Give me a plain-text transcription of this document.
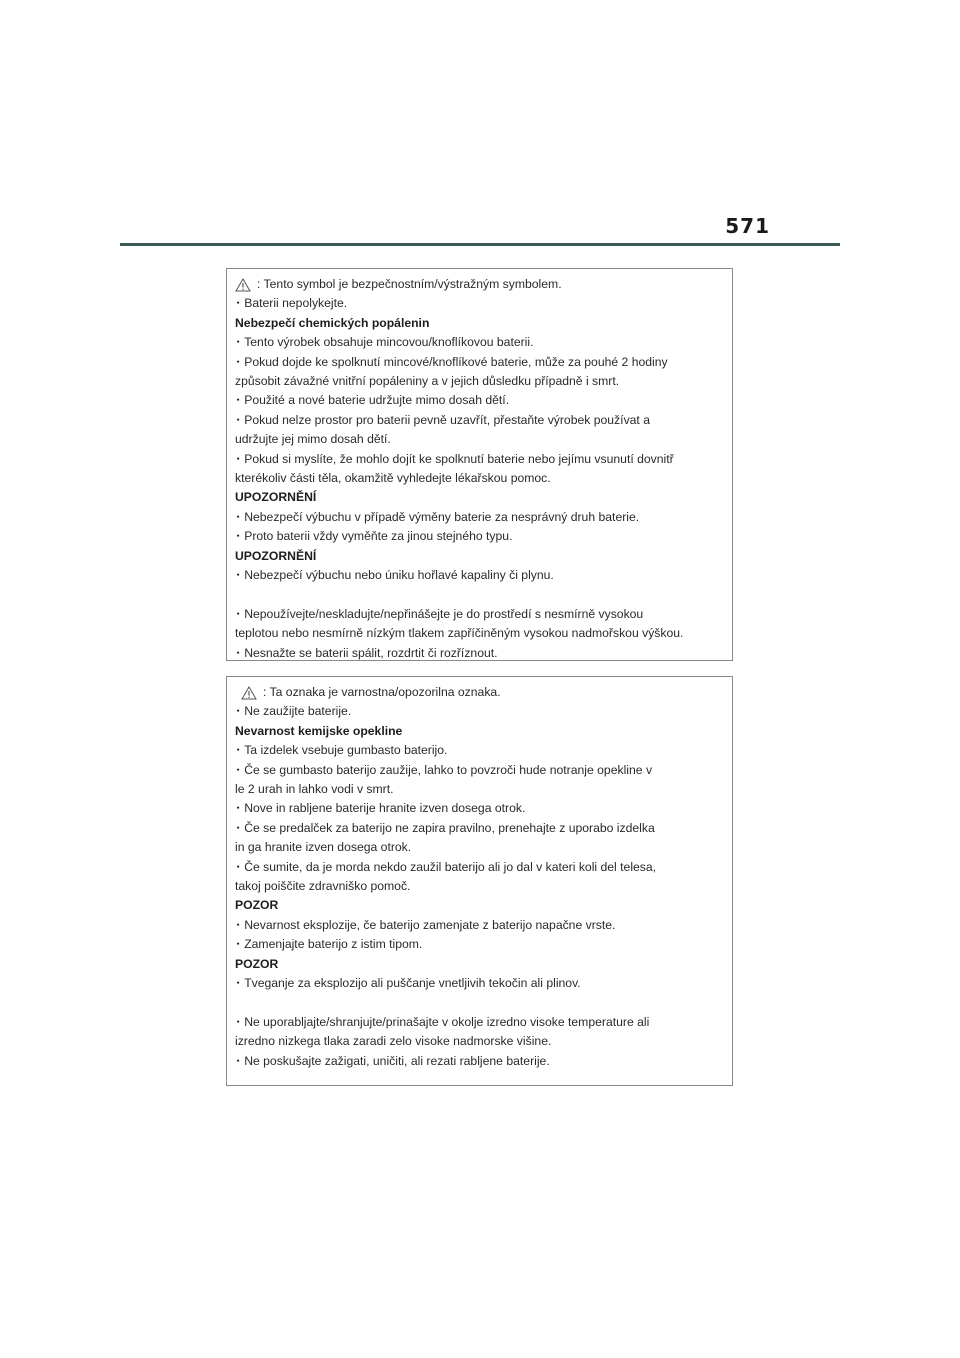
571
: Tento symbol je bezpečnostním/výstražným symbolem.
・ Baterii nepolykejte.
Nebezpečí chemických popálenin
・ Tento výrobek obsahuje mincovou/knoflíkovou baterii.
・ Pokud dojde ke spolknutí mincové/knoflíkové baterie, může za pouhé 2 hodiny
způsobit závažné vnitřní popáleniny a v jejich důsledku případně i smrt.
・ Použité a nové baterie udržujte mimo dosah dětí.
・ Pokud nelze prostor pro baterii pevně uzavřít, přestaňte výrobek používat a
udržujte jej mimo dosah dětí.
・ Pokud si myslíte, že mohlo dojít ke spolknutí baterie nebo jejímu vsunutí dovnitř
kterékoliv části těla, okamžitě vyhledejte lékařskou pomoc.
UPOZORNĚNÍ
・ Nebezpečí výbuchu v případě výměny baterie za nesprávný druh baterie.
・ Proto baterii vždy vyměňte za jinou stejného typu.
UPOZORNĚNÍ
・ Nebezpečí výbuchu nebo úniku hořlavé kapaliny či plynu.
・ Nepoužívejte/neskladujte/nepřinášejte je do prostředí s nesmírně vysokou
teplotou nebo nesmírně nízkým tlakem zapříčiněným vysokou nadmořskou výškou.
・ Nesnažte se baterii spálit, rozdrtit či rozříznout.
: Ta oznaka je varnostna/opozorilna oznaka.
・ Ne zaužijte baterije.
Nevarnost kemijske opekline
・ Ta izdelek vsebuje gumbasto baterijo.
・ Če se gumbasto baterijo zaužije, lahko to povzroči hude notranje opekline v
le 2 urah in lahko vodi v smrt.
・ Nove in rabljene baterije hranite izven dosega otrok.
・ Če se predalček za baterijo ne zapira pravilno, prenehajte z uporabo izdelka
in ga hranite izven dosega otrok.
・ Če sumite, da je morda nekdo zaužil baterijo ali jo dal v kateri koli del telesa,
takoj poiščite zdravniško pomoč.
POZOR
・ Nevarnost eksplozije, če baterijo zamenjate z baterijo napačne vrste.
・ Zamenjajte baterijo z istim tipom.
POZOR
・ Tveganje za eksplozijo ali puščanje vnetljivih tekočin ali plinov.
・ Ne uporabljajte/shranjujte/prinašajte v okolje izredno visoke temperature ali
izredno nizkega tlaka zaradi zelo visoke nadmorske višine.
・ Ne poskušajte zažigati, uničiti, ali rezati rabljene baterije.
